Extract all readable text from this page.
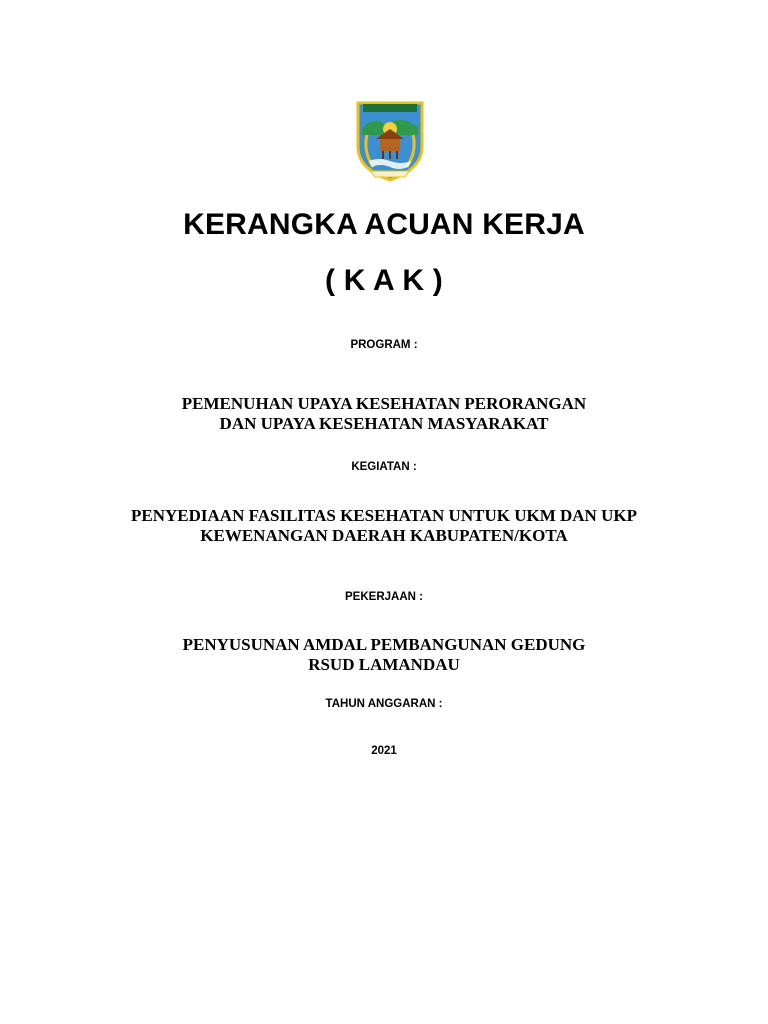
KERANGKA ACUAN KERJA
( K A K )
PROGRAM :
PEMENUHAN UPAYA KESEHATAN PERORANGAN
DAN UPAYA KESEHATAN MASYARAKAT
KEGIATAN :
PENYEDIAAN FASILITAS KESEHATAN UNTUK UKM DAN UKP
KEWENANGAN DAERAH KABUPATEN/KOTA
PEKERJAAN :
PENYUSUNAN AMDAL PEMBANGUNAN GEDUNG
RSUD LAMANDAU
TAHUN ANGGARAN :
2021
